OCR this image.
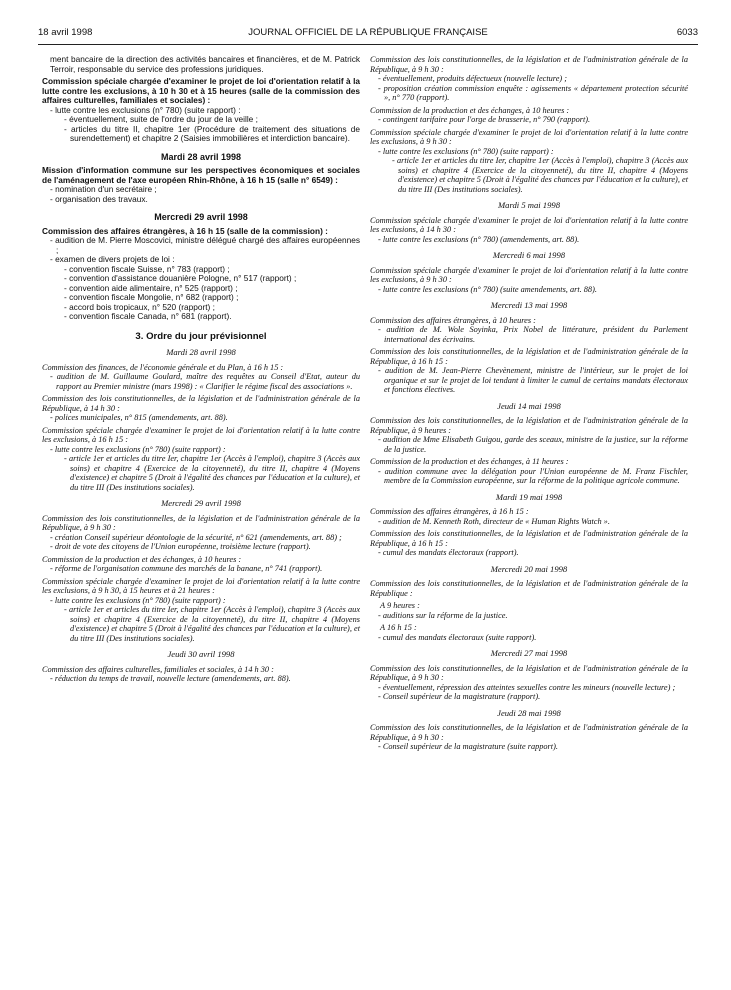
18 avril 1998	JOURNAL OFFICIEL DE LA RÉPUBLIQUE FRANÇAISE	6033

ment bancaire de la direction des activités bancaires et financières, et de M. Patrick Terroir, responsable du service des professions juridiques.

Commission spéciale chargée d'examiner le projet de loi d'orientation relatif à la lutte contre les exclusions, à 10 h 30 et à 15 heures (salle de la commission des affaires culturelles, familiales et sociales) :

- lutte contre les exclusions (n° 780) (suite rapport) :

- éventuellement, suite de l'ordre du jour de la veille ;

- articles du titre II, chapitre 1er (Procédure de traitement des situations de surendettement) et chapitre 2 (Saisies immobilières et interdiction bancaire).

Mardi 28 avril 1998

Mission d'information commune sur les perspectives économiques et sociales de l'aménagement de l'axe européen Rhin-Rhône, à 16 h 15 (salle n° 6549) :

- nomination d'un secrétaire ;

- organisation des travaux.

Mercredi 29 avril 1998

Commission des affaires étrangères, à 16 h 15 (salle de la commission) :

- audition de M. Pierre Moscovici, ministre délégué chargé des affaires européennes ;

- examen de divers projets de loi :

- convention fiscale Suisse, n° 783 (rapport) ;

- convention d'assistance douanière Pologne, n° 517 (rapport) ;

- convention aide alimentaire, n° 525 (rapport) ;

- convention fiscale Mongolie, n° 682 (rapport) ;

- accord bois tropicaux, n° 520 (rapport) ;

- convention fiscale Canada, n° 681 (rapport).

3. Ordre du jour prévisionnel
Mardi 28 avril 1998

Commission des finances, de l'économie générale et du Plan, à 16 h 15 :

- audition de M. Guillaume Goulard, maître des requêtes au Conseil d'Etat, auteur du rapport au Premier ministre (mars 1998) : « Clarifier le régime fiscal des associations ».

Commission des lois constitutionnelles, de la législation et de l'administration générale de la République, à 14 h 30 :

- polices municipales, n° 815 (amendements, art. 88).

Commission spéciale chargée d'examiner le projet de loi d'orientation relatif à la lutte contre les exclusions, à 16 h 15 :

- lutte contre les exclusions (n° 780) (suite rapport) :

- article 1er et articles du titre Ier, chapitre 1er (Accès à l'emploi), chapitre 3 (Accès aux soins) et chapitre 4 (Exercice de la citoyenneté), du titre II, chapitre 4 (Moyens d'existence) et chapitre 5 (Droit à l'égalité des chances par l'éducation et la culture), et du titre III (Des institutions sociales).

Mercredi 29 avril 1998

Commission des lois constitutionnelles, de la législation et de l'administration générale de la République, à 9 h 30 :

- création Conseil supérieur déontologie de la sécurité, n° 621 (amendements, art. 88) ;

- droit de vote des citoyens de l'Union européenne, troisième lecture (rapport).

Commission de la production et des échanges, à 10 heures :

- réforme de l'organisation commune des marchés de la banane, n° 741 (rapport).

Commission spéciale chargée d'examiner le projet de loi d'orientation relatif à la lutte contre les exclusions, à 9 h 30, à 15 heures et à 21 heures :

- lutte contre les exclusions (n° 780) (suite rapport) :

- article 1er et articles du titre Ier, chapitre 1er (Accès à l'emploi), chapitre 3 (Accès aux soins) et chapitre 4 (Exercice de la citoyenneté), du titre II, chapitre 4 (Moyens d'existence) et chapitre 5 (Droit à l'égalité des chances par l'éducation et la culture), et du titre III (Des institutions sociales).

Jeudi 30 avril 1998

Commission des affaires culturelles, familiales et sociales, à 14 h 30 :

- réduction du temps de travail, nouvelle lecture (amendements, art. 88).

Commission des lois constitutionnelles, de la législation et de l'administration générale de la République, à 9 h 30 :

- éventuellement, produits défectueux (nouvelle lecture) ;

- proposition création commission enquête : agissements « département protection sécurité », n° 770 (rapport).

Commission de la production et des échanges, à 10 heures :

- contingent tarifaire pour l'orge de brasserie, n° 790 (rapport).

Commission spéciale chargée d'examiner le projet de loi d'orientation relatif à la lutte contre les exclusions, à 9 h 30 :

- lutte contre les exclusions (n° 780) (suite rapport) :

- article 1er et articles du titre Ier, chapitre 1er (Accès à l'emploi), chapitre 3 (Accès aux soins) et chapitre 4 (Exercice de la citoyenneté), du titre II, chapitre 4 (Moyens d'existence) et chapitre 5 (Droit à l'égalité des chances par l'éducation et la culture), et du titre III (Des institutions sociales).

Mardi 5 mai 1998

Commission spéciale chargée d'examiner le projet de loi d'orientation relatif à la lutte contre les exclusions, à 14 h 30 :

- lutte contre les exclusions (n° 780) (amendements, art. 88).

Mercredi 6 mai 1998

Commission spéciale chargée d'examiner le projet de loi d'orientation relatif à la lutte contre les exclusions, à 9 h 30 :

- lutte contre les exclusions (n° 780) (suite amendements, art. 88).

Mercredi 13 mai 1998

Commission des affaires étrangères, à 10 heures :

- audition de M. Wole Soyinka, Prix Nobel de littérature, président du Parlement international des écrivains.

Commission des lois constitutionnelles, de la législation et de l'administration générale de la République, à 16 h 15 :

- audition de M. Jean-Pierre Chevènement, ministre de l'intérieur, sur le projet de loi organique et sur le projet de loi tendant à limiter le cumul de certains mandats électoraux et fonctions électives.

Jeudi 14 mai 1998

Commission des lois constitutionnelles, de la législation et de l'administration générale de la République, à 9 heures :

- audition de Mme Elisabeth Guigou, garde des sceaux, ministre de la justice, sur la réforme de la justice.

Commission de la production et des échanges, à 11 heures :

- audition commune avec la délégation pour l'Union européenne de M. Franz Fischler, membre de la Commission européenne, sur la réforme de la politique agricole commune.

Mardi 19 mai 1998

Commission des affaires étrangères, à 16 h 15 :

- audition de M. Kenneth Roth, directeur de « Human Rights Watch ».

Commission des lois constitutionnelles, de la législation et de l'administration générale de la République, à 16 h 15 :

- cumul des mandats électoraux (rapport).

Mercredi 20 mai 1998

Commission des lois constitutionnelles, de la législation et de l'administration générale de la République :

A 9 heures :

- auditions sur la réforme de la justice.

A 16 h 15 :

- cumul des mandats électoraux (suite rapport).

Mercredi 27 mai 1998

Commission des lois constitutionnelles, de la législation et de l'administration générale de la République, à 9 h 30 :

- éventuellement, répression des atteintes sexuelles contre les mineurs (nouvelle lecture) ;

- Conseil supérieur de la magistrature (rapport).

Jeudi 28 mai 1998

Commission des lois constitutionnelles, de la législation et de l'administration générale de la République, à 9 h 30 :

- Conseil supérieur de la magistrature (suite rapport).
